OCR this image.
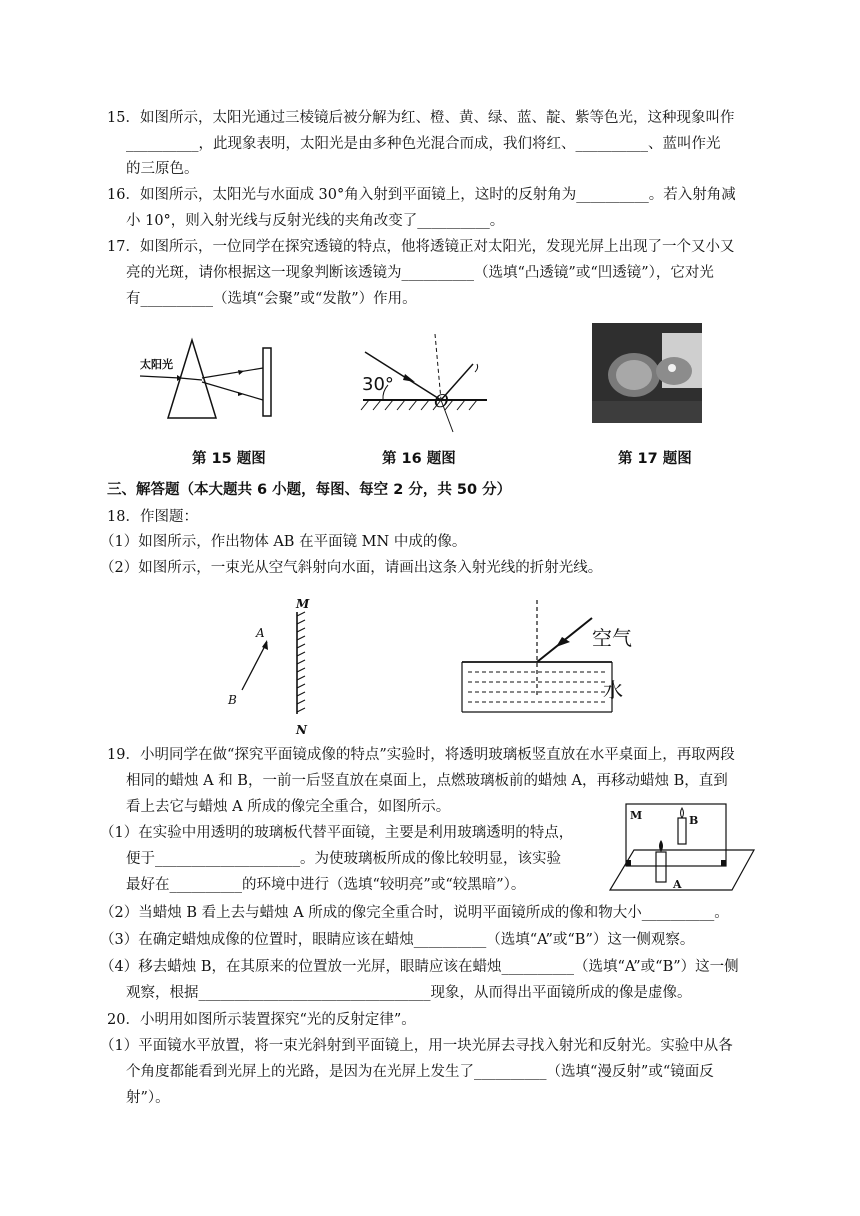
15．如图所示，太阳光通过三棱镜后被分解为红、橙、黄、绿、蓝、靛、紫等色光，这种现象叫作
__________，此现象表明，太阳光是由多种色光混合而成，我们将红、__________、蓝叫作光
的三原色。
16．如图所示，太阳光与水面成 30°角入射到平面镜上，这时的反射角为__________。若入射角减
小 10°，则入射光线与反射光线的夹角改变了__________。
17．如图所示，一位同学在探究透镜的特点，他将透镜正对太阳光，发现光屏上出现了一个又小又
亮的光斑，请你根据这一现象判断该透镜为__________（选填“凸透镜”或“凹透镜”），它对光
有__________（选填“会聚”或“发散”）作用。
太阳光
30°
O
第 15 题图	第 16 题图	第 17 题图
三、解答题（本大题共 6 小题，每图、每空 2 分，共 50 分）
18．作图题：
（1）如图所示，作出物体 AB 在平面镜 MN 中成的像。
（2）如图所示，一束光从空气斜射向水面，请画出这条入射光线的折射光线。
M
N
A
B
空气
水
19．小明同学在做“探究平面镜成像的特点”实验时，将透明玻璃板竖直放在水平桌面上，再取两段
相同的蜡烛 A 和 B，一前一后竖直放在桌面上，点燃玻璃板前的蜡烛 A，再移动蜡烛 B，直到
看上去它与蜡烛 A 所成的像完全重合，如图所示。
（1）在实验中用透明的玻璃板代替平面镜，主要是利用玻璃透明的特点，
便于____________________。为使玻璃板所成的像比较明显，该实验
最好在__________的环境中进行（选填“较明亮”或“较黑暗”）。
（2）当蜡烛 B 看上去与蜡烛 A 所成的像完全重合时，说明平面镜所成的像和物大小__________。
（3）在确定蜡烛成像的位置时，眼睛应该在蜡烛__________（选填“A”或“B”）这一侧观察。
（4）移去蜡烛 B，在其原来的位置放一光屏，眼睛应该在蜡烛__________（选填“A”或“B”）这一侧
观察，根据________________________________现象，从而得出平面镜所成的像是虚像。
M	B
A
20．小明用如图所示装置探究“光的反射定律”。
（1）平面镜水平放置，将一束光斜射到平面镜上，用一块光屏去寻找入射光和反射光。实验中从各
个角度都能看到光屏上的光路，是因为在光屏上发生了__________（选填“漫反射”或“镜面反
射”）。
